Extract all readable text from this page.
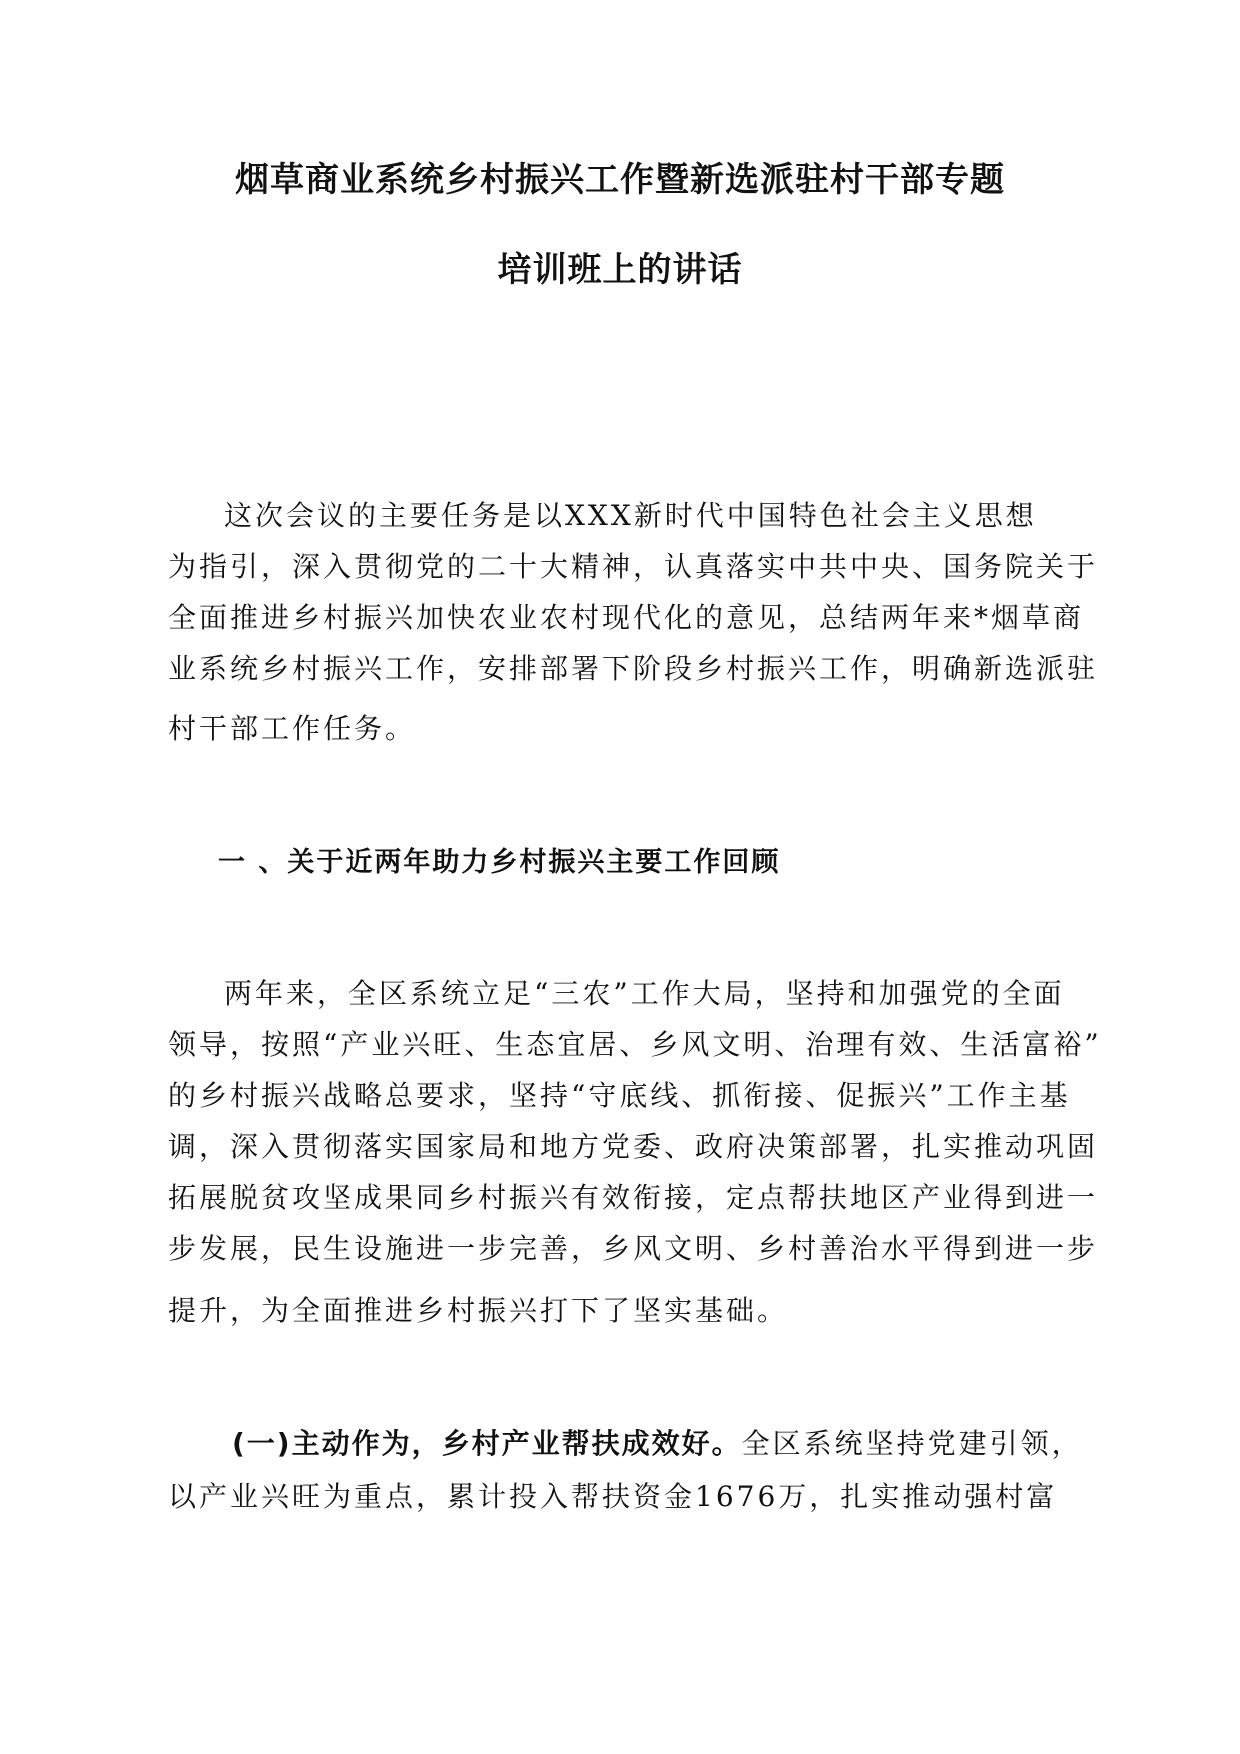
烟草商业系统乡村振兴工作暨新选派驻村干部专题
培训班上的讲话
这次会议的主要任务是以XXX新时代中国特色社会主义思想
为指引，深入贯彻党的二十大精神，认真落实中共中央、国务院关于
全面推进乡村振兴加快农业农村现代化的意见，总结两年来*烟草商
业系统乡村振兴工作，安排部署下阶段乡村振兴工作，明确新选派驻
村干部工作任务。
一 、关于近两年助力乡村振兴主要工作回顾
两年来，全区系统立足“三农”工作大局，坚持和加强党的全面
领导，按照“产业兴旺、生态宜居、乡风文明、治理有效、生活富裕”
的乡村振兴战略总要求，坚持“守底线、抓衔接、促振兴”工作主基
调，深入贯彻落实国家局和地方党委、政府决策部署，扎实推动巩固
拓展脱贫攻坚成果同乡村振兴有效衔接，定点帮扶地区产业得到进一
步发展，民生设施进一步完善，乡风文明、乡村善治水平得到进一步
提升，为全面推进乡村振兴打下了坚实基础。
(一)主动作为，乡村产业帮扶成效好。全区系统坚持党建引领，
以产业兴旺为重点，累计投入帮扶资金1676万，扎实推动强村富
